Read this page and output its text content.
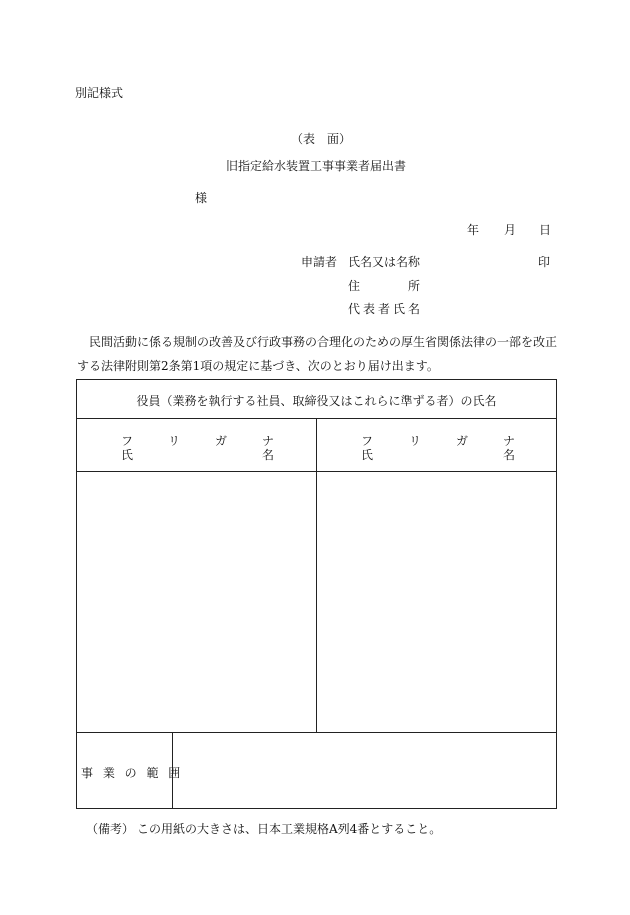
別記様式
（表　面）
旧指定給水装置工事事業者届出書
様
年 月 日
申請者 氏名又は名称	印
住	所
代表者氏名
民間活動に係る規制の改善及び行政事務の合理化のための厚生省関係法律の一部を改正する法律附則第2条第1項の規定に基づき、次のとおり届け出ます。
役員（業務を執行する社員、取締役又はこれらに準ずる者）の氏名
フ	リ	ガ	ナ
氏	名
フ	リ	ガ	ナ
氏	名
事 業 の 範 囲
（備考） この用紙の大きさは、日本工業規格A列4番とすること。
